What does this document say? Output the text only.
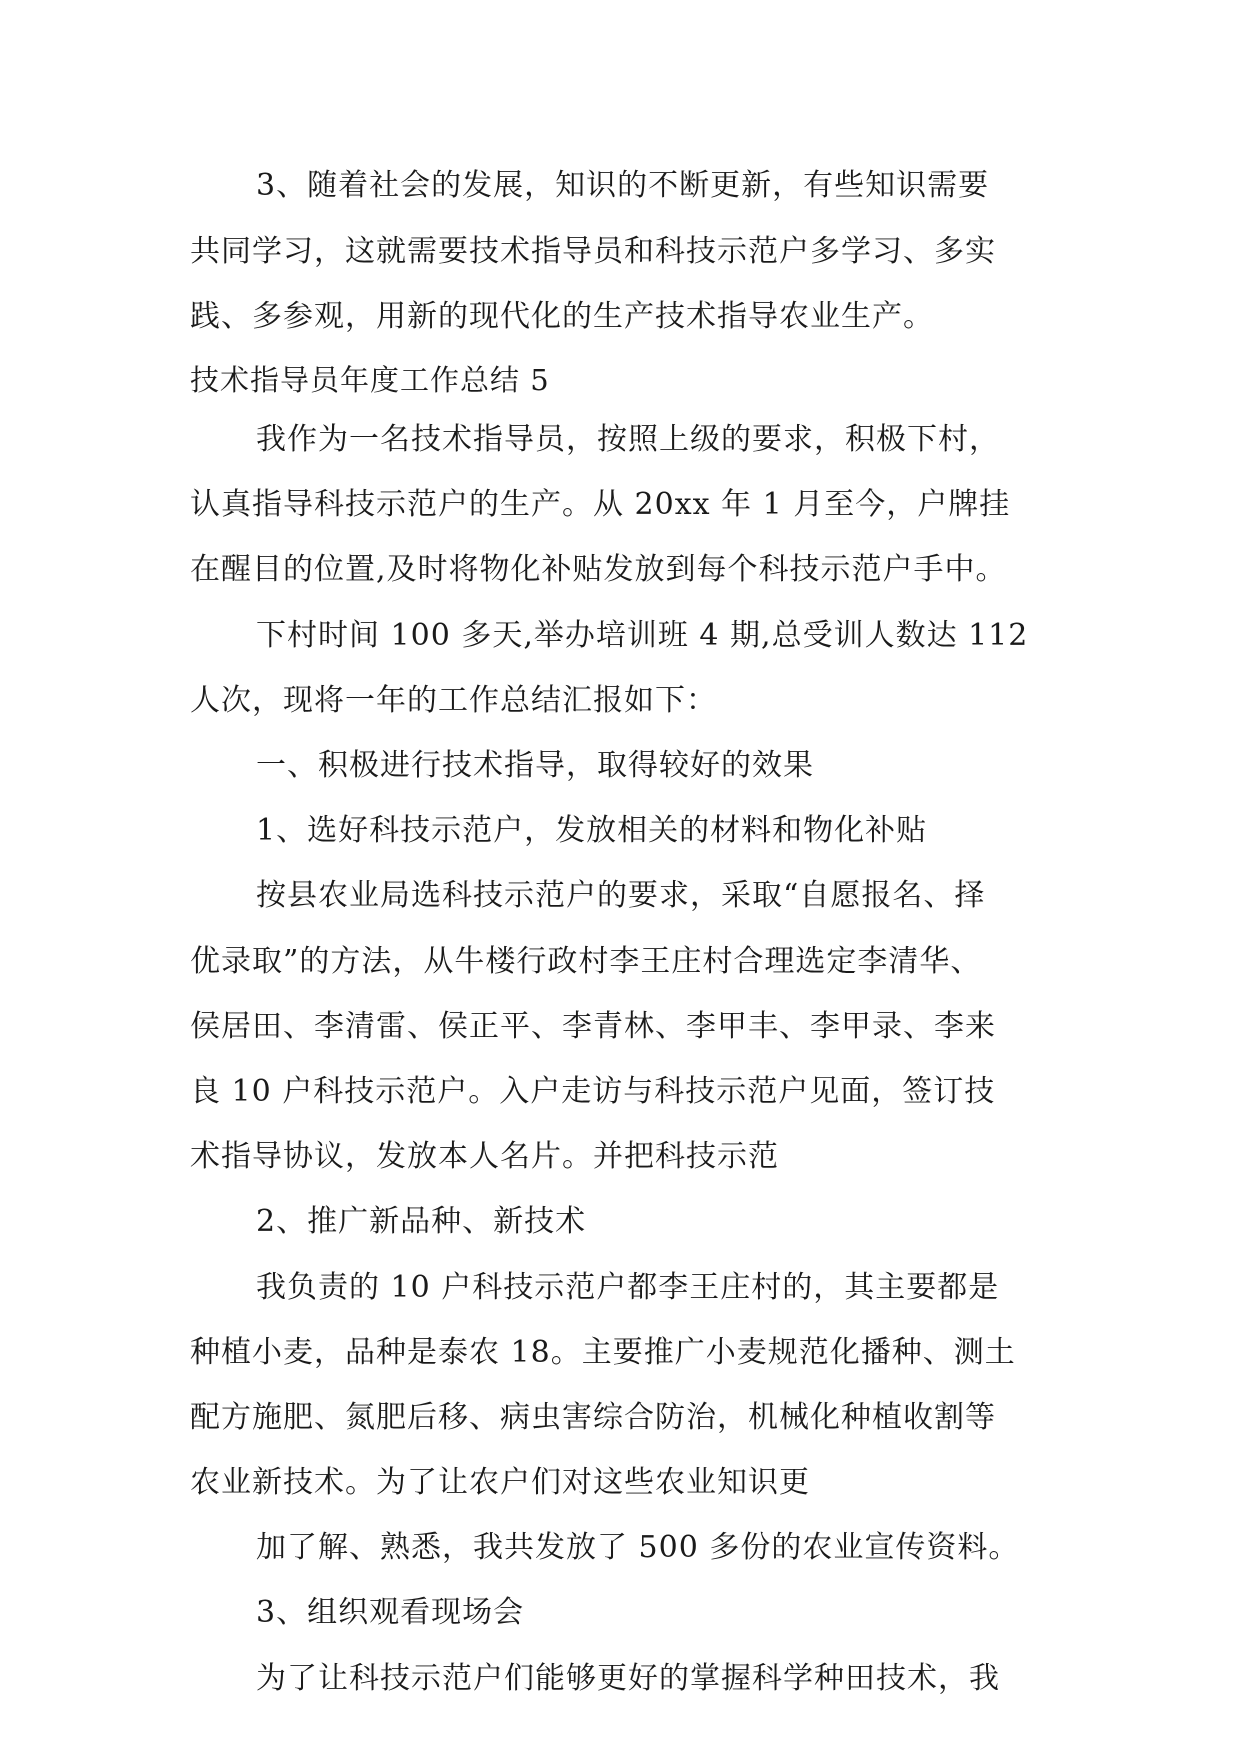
3、随着社会的发展，知识的不断更新，有些知识需要
共同学习，这就需要技术指导员和科技示范户多学习、多实
践、多参观，用新的现代化的生产技术指导农业生产。
技术指导员年度工作总结 5
我作为一名技术指导员，按照上级的要求，积极下村，
认真指导科技示范户的生产。从 20xx 年 1 月至今，户牌挂
在醒目的位置,及时将物化补贴发放到每个科技示范户手中。
下村时间 100 多天,举办培训班 4 期,总受训人数达 112
人次，现将一年的工作总结汇报如下：
一、积极进行技术指导，取得较好的效果
1、选好科技示范户，发放相关的材料和物化补贴
按县农业局选科技示范户的要求，采取“自愿报名、择
优录取”的方法，从牛楼行政村李王庄村合理选定李清华、
侯居田、李清雷、侯正平、李青林、李甲丰、李甲录、李来
良 10 户科技示范户。入户走访与科技示范户见面，签订技
术指导协议，发放本人名片。并把科技示范
2、推广新品种、新技术
我负责的 10 户科技示范户都李王庄村的，其主要都是
种植小麦，品种是泰农 18。主要推广小麦规范化播种、测土
配方施肥、氮肥后移、病虫害综合防治，机械化种植收割等
农业新技术。为了让农户们对这些农业知识更
加了解、熟悉，我共发放了 500 多份的农业宣传资料。
3、组织观看现场会
为了让科技示范户们能够更好的掌握科学种田技术，我
